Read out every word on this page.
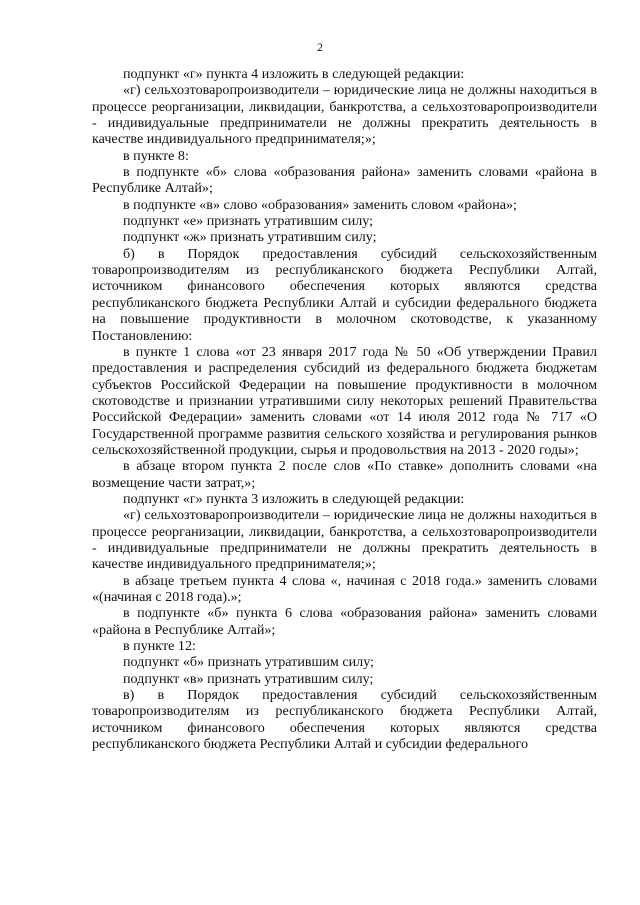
2

подпункт «г» пункта 4 изложить в следующей редакции:

«г) сельхозтоваропроизводители – юридические лица не должны находиться в процессе реорганизации, ликвидации, банкротства, а сельхозтоваропроизводители - индивидуальные предприниматели не должны прекратить деятельность в качестве индивидуального предпринимателя;»;

в пункте 8:

в подпункте «б» слова «образования района» заменить словами «района в Республике Алтай»;

в подпункте «в» слово «образования» заменить словом «района»;

подпункт «е» признать утратившим силу;

подпункт «ж» признать утратившим силу;

б) в Порядок предоставления субсидий сельскохозяйственным товаропроизводителям из республиканского бюджета Республики Алтай, источником финансового обеспечения которых являются средства республиканского бюджета Республики Алтай и субсидии федерального бюджета на повышение продуктивности в молочном скотоводстве, к указанному Постановлению:

в пункте 1 слова «от 23 января 2017 года № 50 «Об утверждении Правил предоставления и распределения субсидий из федерального бюджета бюджетам субъектов Российской Федерации на повышение продуктивности в молочном скотоводстве и признании утратившими силу некоторых решений Правительства Российской Федерации» заменить словами «от 14 июля 2012 года № 717 «О Государственной программе развития сельского хозяйства и регулирования рынков сельскохозяйственной продукции, сырья и продовольствия на 2013 - 2020 годы»;

в абзаце втором пункта 2 после слов «По ставке» дополнить словами «на возмещение части затрат,»;

подпункт «г» пункта 3 изложить в следующей редакции:

«г) сельхозтоваропроизводители – юридические лица не должны находиться в процессе реорганизации, ликвидации, банкротства, а сельхозтоваропроизводители - индивидуальные предприниматели не должны прекратить деятельность в качестве индивидуального предпринимателя;»;

в абзаце третьем пункта 4 слова «, начиная с 2018 года.» заменить словами «(начиная с 2018 года).»;

в подпункте «б» пункта 6 слова «образования района» заменить словами «района в Республике Алтай»;

в пункте 12:

подпункт «б» признать утратившим силу;

подпункт «в» признать утратившим силу;

в) в Порядок предоставления субсидий сельскохозяйственным товаропроизводителям из республиканского бюджета Республики Алтай, источником финансового обеспечения которых являются средства республиканского бюджета Республики Алтай и субсидии федерального
